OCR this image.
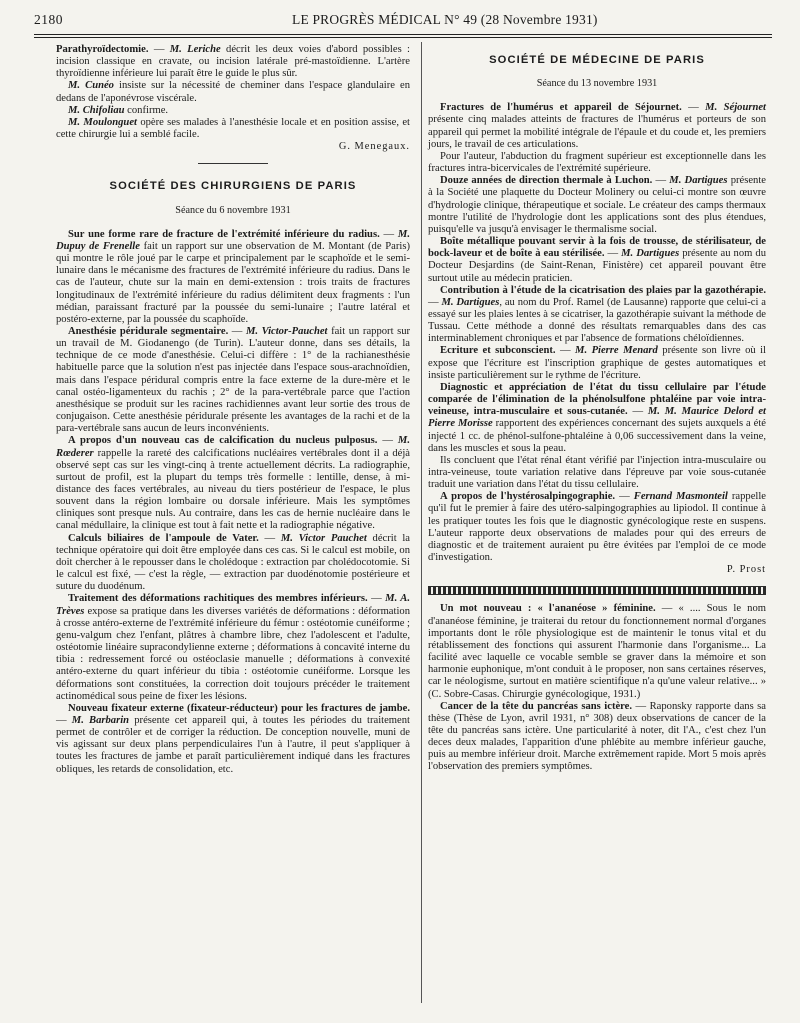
2180	LE PROGRÈS MÉDICAL N° 49 (28 Novembre 1931)

Parathyroïdectomie. — M. Leriche décrit les deux voies d'abord possibles : incision classique en cravate, ou incision latérale pré-mastoïdienne. L'artère thyroïdienne inférieure lui paraît être le guide le plus sûr.

M. Cunéo insiste sur la nécessité de cheminer dans l'espace glandulaire en dedans de l'aponévrose viscérale.

M. Chifoliau confirme.

M. Moulonguet opère ses malades à l'anesthésie locale et en position assise, et cette chirurgie lui a semblé facile.

G. Menegaux.

SOCIÉTÉ DES CHIRURGIENS DE PARIS
Séance du 6 novembre 1931

Sur une forme rare de fracture de l'extrémité inférieure du radius. — M. Dupuy de Frenelle fait un rapport sur une observation de M. Montant (de Paris) qui montre le rôle joué par le carpe et principalement par le scaphoïde et le semi-lunaire dans le mécanisme des fractures de l'extrémité inférieure du radius. Dans le cas de l'auteur, chute sur la main en demi-extension : trois traits de fractures longitudinaux de l'extrémité inférieure du radius délimitent deux fragments : l'un médian, paraissant fracturé par la poussée du semi-lunaire ; l'autre latéral et postéro-externe, par la poussée du scaphoïde.

Anesthésie péridurale segmentaire. — M. Victor-Pauchet fait un rapport sur un travail de M. Giodanengo (de Turin). L'auteur donne, dans ses détails, la technique de ce mode d'anesthésie. Celui-ci diffère : 1° de la rachianesthésie habituelle parce que la solution n'est pas injectée dans l'espace sous-arachnoïdien, mais dans l'espace péridural compris entre la face externe de la dure-mère et le canal ostéo-ligamenteux du rachis ; 2° de la para-vertébrale parce que l'action anesthésique se produit sur les racines rachidiennes avant leur sortie des trous de conjugaison. Cette anesthésie péridurale présente les avantages de la rachi et de la para-vertébrale sans aucun de leurs inconvénients.

A propos d'un nouveau cas de calcification du nucleus pulposus. — M. Rœderer rappelle la rareté des calcifications nucléaires vertébrales dont il a déjà observé sept cas sur les vingt-cinq à trente actuellement décrits. La radiographie, surtout de profil, est la plupart du temps très formelle : lentille, dense, à mi-distance des faces vertébrales, au niveau du tiers postérieur de l'espace, le plus souvent dans la région lombaire ou dorsale inférieure. Mais les symptômes cliniques sont presque nuls. Au contraire, dans les cas de hernie nucléaire dans le canal médullaire, la clinique est tout à fait nette et la radiographie négative.

Calculs biliaires de l'ampoule de Vater. — M. Victor Pauchet décrit la technique opératoire qui doit être employée dans ces cas. Si le calcul est mobile, on doit chercher à le repousser dans le cholédoque : extraction par cholédocotomie. Si le calcul est fixé, — c'est la règle, — extraction par duodénotomie postérieure et suture du duodénum.

Traitement des déformations rachitiques des membres inférieurs. — M. A. Trèves expose sa pratique dans les diverses variétés de déformations : déformation à crosse antéro-externe de l'extrémité inférieure du fémur : ostéotomie cunéiforme ; genu-valgum chez l'enfant, plâtres à chambre libre, chez l'adolescent et l'adulte, ostéotomie linéaire supracondylienne externe ; déformations à concavité interne du tibia : redressement forcé ou ostéoclasie manuelle ; déformations à convexité antéro-externe du quart inférieur du tibia : ostéotomie cunéiforme. Lorsque les déformations sont constituées, la correction doit toujours précéder le traitement actinomédical sous peine de fixer les lésions.

Nouveau fixateur externe (fixateur-réducteur) pour les fractures de jambe. — M. Barbarin présente cet appareil qui, à toutes les périodes du traitement permet de contrôler et de corriger la réduction. De conception nouvelle, muni de vis agissant sur deux plans perpendiculaires l'un à l'autre, il peut s'appliquer à toutes les fractures de jambe et paraît particulièrement indiqué dans les fractures obliques, les retards de consolidation, etc.

SOCIÉTÉ DE MÉDECINE DE PARIS
Séance du 13 novembre 1931

Fractures de l'humérus et appareil de Séjournet. — M. Séjournet présente cinq malades atteints de fractures de l'humérus et porteurs de son appareil qui permet la mobilité intégrale de l'épaule et du coude et, les premiers jours, le travail de ces articulations.

Pour l'auteur, l'abduction du fragment supérieur est exceptionnelle dans les fractures intra-bicervicales de l'extrémité supérieure.

Douze années de direction thermale à Luchon. — M. Dartigues présente à la Société une plaquette du Docteur Molinery ou celui-ci montre son œuvre d'hydrologie clinique, thérapeutique et sociale. Le créateur des camps thermaux montre l'utilité de l'hydrologie dont les applications sont des plus étendues, puisqu'elle va jusqu'à envisager le thermalisme social.

Boîte métallique pouvant servir à la fois de trousse, de stérilisateur, de bock-laveur et de boîte à eau stérilisée. — M. Dartigues présente au nom du Docteur Desjardins (de Saint-Renan, Finistère) cet appareil pouvant être surtout utile au médecin praticien.

Contribution à l'étude de la cicatrisation des plaies par la gazothérapie. — M. Dartigues, au nom du Prof. Ramel (de Lausanne) rapporte que celui-ci a essayé sur les plaies lentes à se cicatriser, la gazothérapie suivant la méthode de Tussau. Cette méthode a donné des résultats remarquables dans des cas interminablement chroniques et par l'absence de formations chéloïdiennes.

Ecriture et subconscient. — M. Pierre Menard présente son livre où il expose que l'écriture est l'inscription graphique de gestes automatiques et insiste particulièrement sur le rythme de l'écriture.

Diagnostic et appréciation de l'état du tissu cellulaire par l'étude comparée de l'élimination de la phénolsulfone phtaléine par voie intra-veineuse, intra-musculaire et sous-cutanée. — M. M. Maurice Delord et Pierre Morisse rapportent des expériences concernant des sujets auxquels a été injecté 1 cc. de phénol-sulfone-phtaléine à 0,06 successivement dans la veine, dans les muscles et sous la peau.

Ils concluent que l'état rénal étant vérifié par l'injection intra-musculaire ou intra-veineuse, toute variation relative dans l'épreuve par voie sous-cutanée traduit une variation dans l'état du tissu cellulaire.

A propos de l'hystérosalpingographie. — Fernand Masmonteil rappelle qu'il fut le premier à faire des utéro-salpingographies au lipiodol. Il continue à les pratiquer toutes les fois que le diagnostic gynécologique reste en suspens. L'auteur rapporte deux observations de malades pour qui des erreurs de diagnostic et de traitement auraient pu être évitées par l'emploi de ce mode d'investigation.

P. Prost

Un mot nouveau : « l'ananéose » féminine. — « .... Sous le nom d'ananéose féminine, je traiterai du retour du fonctionnement normal d'organes importants dont le rôle physiologique est de maintenir le tonus vital et du rétablissement des fonctions qui assurent l'harmonie dans l'organisme... La facilité avec laquelle ce vocable semble se graver dans la mémoire et son harmonie euphonique, m'ont conduit à le proposer, non sans certaines réserves, car le néologisme, surtout en matière scientifique n'a qu'une valeur relative... » (C. Sobre-Casas. Chirurgie gynécologique, 1931.)

Cancer de la tête du pancréas sans ictère. — Raponsky rapporte dans sa thèse (Thèse de Lyon, avril 1931, n° 308) deux observations de cancer de la tête du pancréas sans ictère. Une particularité à noter, dit l'A., c'est chez l'un deces deux malades, l'apparition d'une phlébite au membre inférieur gauche, puis au membre inférieur droit. Marche extrêmement rapide. Mort 5 mois après l'observation des premiers symptômes.
